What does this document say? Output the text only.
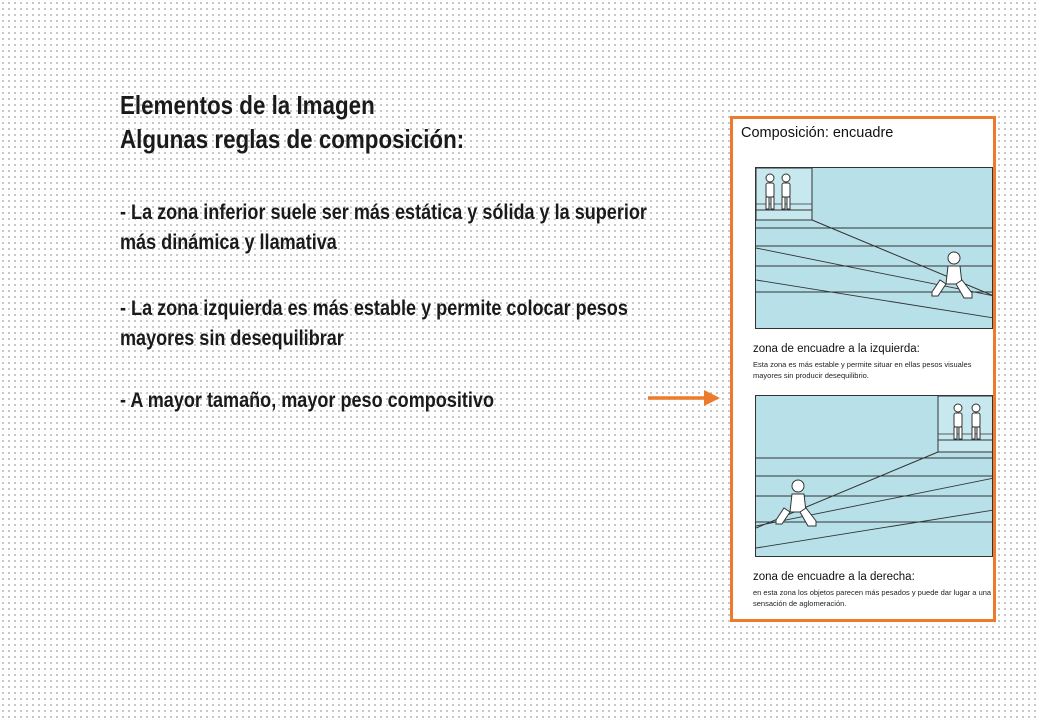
Elementos de la Imagen
Algunas reglas de composición:
- La zona inferior suele ser más estática y sólida y la superior más dinámica y llamativa
- La zona izquierda es más estable y permite colocar pesos mayores sin desequilibrar
- A mayor tamaño, mayor peso compositivo
Composición: encuadre
zona de encuadre a la izquierda:
Esta zona es más estable y permite situar en ellas pesos visuales mayores sin producir desequilibrio.
zona de encuadre a la derecha:
en esta zona los objetos parecen más pesados y puede dar lugar a una sensación de aglomeración.
